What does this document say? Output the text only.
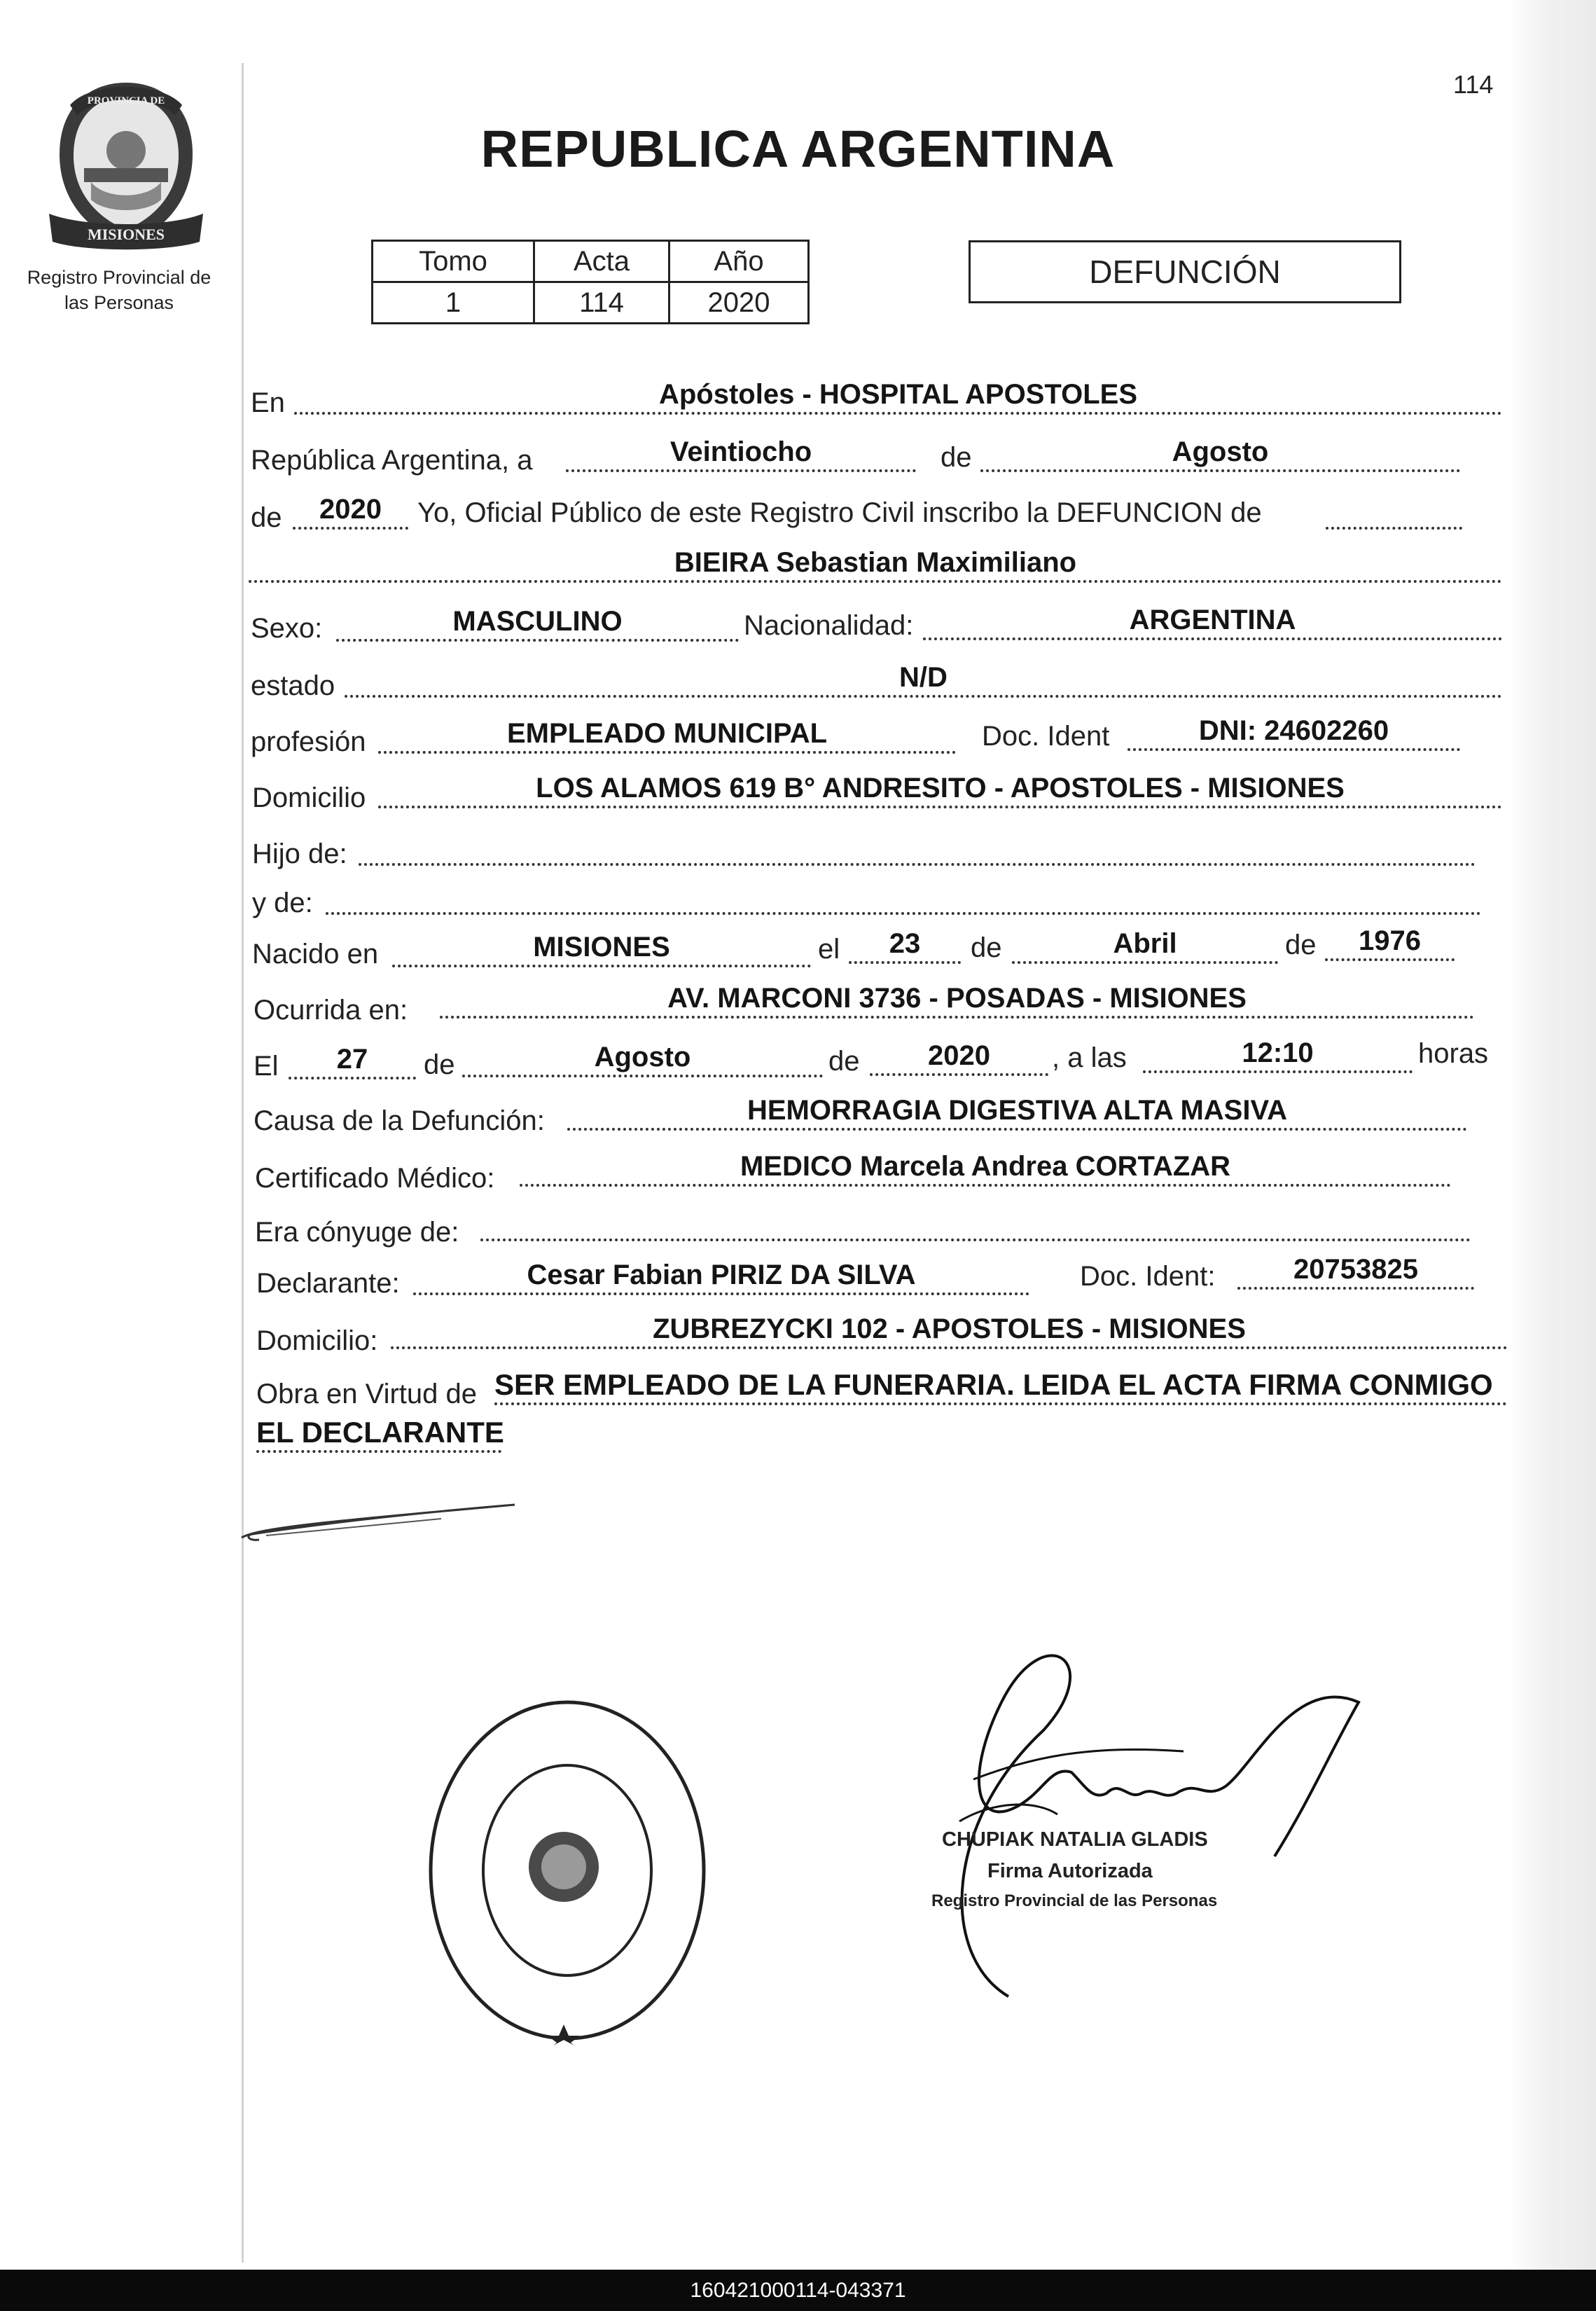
114
PROVINCIA DE
MISIONES
Registro Provincial de
las Personas
REPUBLICA ARGENTINA
Tomo	Acta	Año
1	114	2020
DEFUNCIÓN
En	Apóstoles - HOSPITAL APOSTOLES
República Argentina, a	Veintiocho	de	Agosto
de	2020	Yo, Oficial Público de este Registro Civil inscribo la DEFUNCION de
BIEIRA Sebastian Maximiliano
Sexo:	MASCULINO	Nacionalidad:	ARGENTINA
estado	N/D
profesión	EMPLEADO MUNICIPAL	Doc. Ident	DNI: 24602260
Domicilio	LOS ALAMOS 619 B° ANDRESITO - APOSTOLES - MISIONES
Hijo de:
y de:
Nacido en	MISIONES	el	23	de	Abril	de	1976
Ocurrida en:	AV. MARCONI 3736 - POSADAS - MISIONES
El	27	de	Agosto	de	2020	, a las	12:10	horas
Causa de la Defunción:	HEMORRAGIA DIGESTIVA ALTA MASIVA
Certificado Médico:	MEDICO Marcela Andrea CORTAZAR
Era cónyuge de:
Declarante:	Cesar Fabian PIRIZ DA SILVA	Doc. Ident:	20753825
Domicilio:	ZUBREZYCKI 102 - APOSTOLES - MISIONES
Obra en Virtud de SER EMPLEADO DE LA FUNERARIA. LEIDA EL ACTA FIRMA CONMIGO
EL DECLARANTE
CHUPIAK NATALIA GLADIS
Firma Autorizada
Registro Provincial de las Personas
160421000114-043371
